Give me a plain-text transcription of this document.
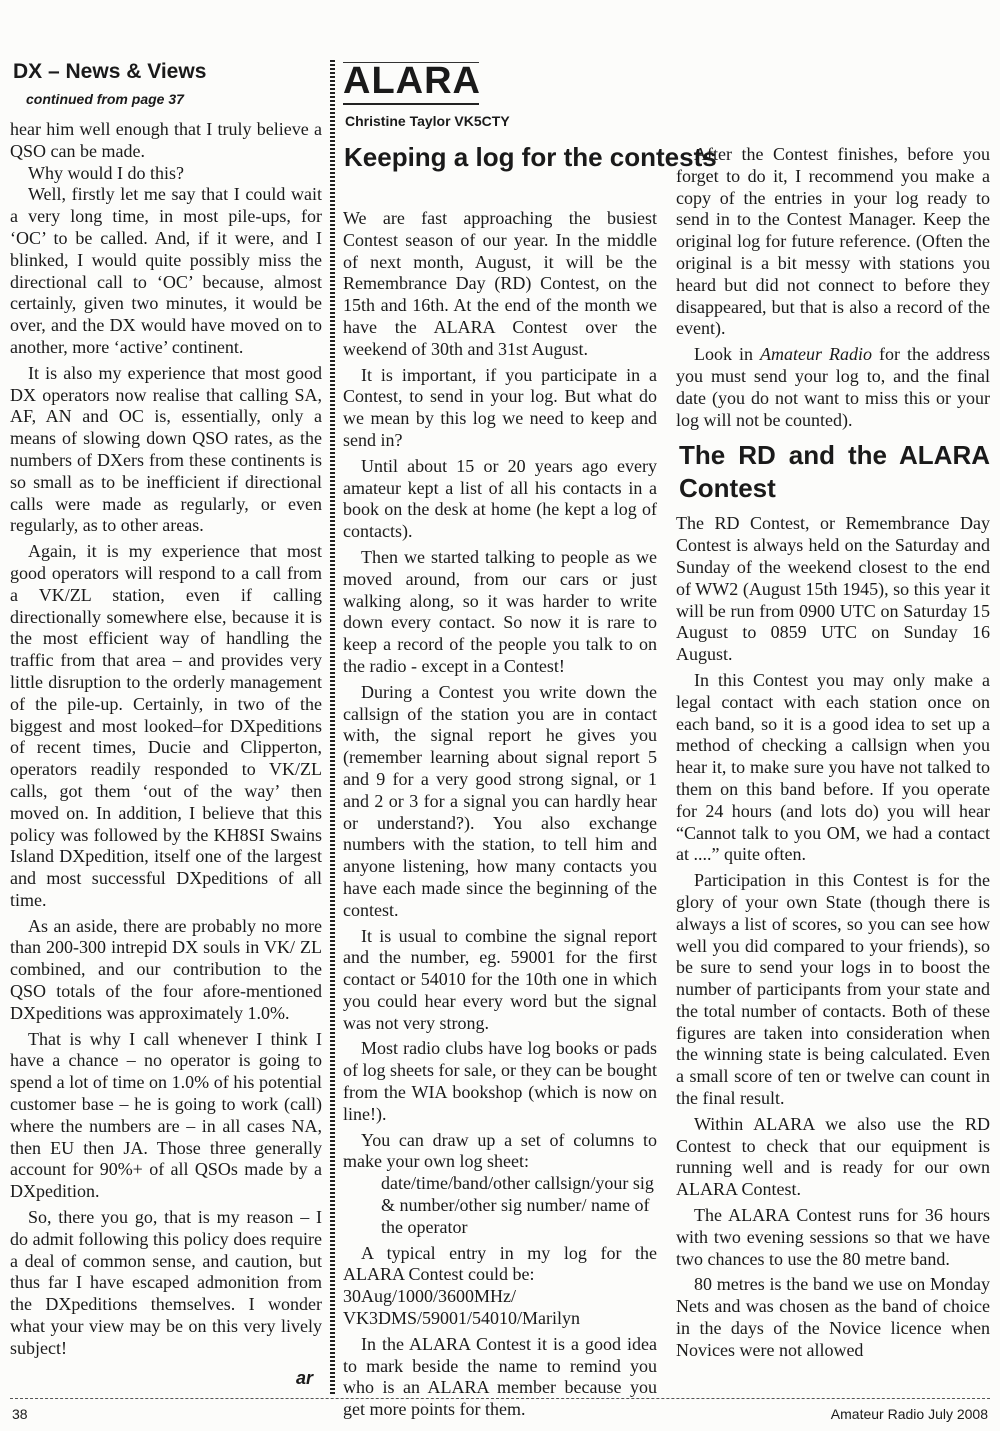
DX – News & Views

continued from page 37

hear him well enough that I truly believe a QSO can be made.

Why would I do this?

Well, firstly let me say that I could wait a very long time, in most pile-ups, for ‘OC’ to be called. And, if it were, and I blinked, I would quite possibly miss the directional call to ‘OC’ because, almost certainly, given two minutes, it would be over, and the DX would have moved on to another, more ‘active’ continent.

It is also my experience that most good DX operators now realise that calling SA, AF, AN and OC is, essentially, only a means of slowing down QSO rates, as the numbers of DXers from these continents is so small as to be inefficient if directional calls were made as regularly, or even regularly, as to other areas.

Again, it is my experience that most good operators will respond to a call from a VK/ZL station, even if calling directionally somewhere else, because it is the most efficient way of handling the traffic from that area – and provides very little disruption to the orderly management of the pile-up. Certainly, in two of the biggest and most looked–for DXpeditions of recent times, Ducie and Clipperton, operators readily responded to VK/ZL calls, got them ‘out of the way’ then moved on. In addition, I believe that this policy was followed by the KH8SI Swains Island DXpedition, itself one of the largest and most successful DXpeditions of all time.

As an aside, there are probably no more than 200-300 intrepid DX souls in VK/ ZL combined, and our contribution to the QSO totals of the four afore-mentioned DXpeditions was approximately 1.0%.

That is why I call whenever I think I have a chance – no operator is going to spend a lot of time on 1.0% of his potential customer base – he is going to work (call) where the numbers are – in all cases NA, then EU then JA. Those three generally account for 90%+ of all QSOs made by a DXpedition.

So, there you go, that is my reason – I do admit following this policy does require a deal of common sense, and caution, but thus far I have escaped admonition from the DXpeditions themselves. I wonder what your view may be on this very lively subject!

ar
ALARA

Christine Taylor VK5CTY

Keeping a log for the contests

We are fast approaching the busiest Contest season of our year. In the middle of next month, August, it will be the Remembrance Day (RD) Contest, on the 15th and 16th. At the end of the month we have the ALARA Contest over the weekend of 30th and 31st August.

It is important, if you participate in a Contest, to send in your log. But what do we mean by this log we need to keep and send in?

Until about 15 or 20 years ago every amateur kept a list of all his contacts in a book on the desk at home (he kept a log of contacts).

Then we started talking to people as we moved around, from our cars or just walking along, so it was harder to write down every contact. So now it is rare to keep a record of the people you talk to on the radio - except in a Contest!

During a Contest you write down the callsign of the station you are in contact with, the signal report he gives you (remember learning about signal report 5 and 9 for a very good strong signal, or 1 and 2 or 3 for a signal you can hardly hear or understand?). You also exchange numbers with the station, to tell him and anyone listening, how many contacts you have each made since the beginning of the contest.

It is usual to combine the signal report and the number, eg. 59001 for the first contact or 54010 for the 10th one in which you could hear every word but the signal was not very strong.

Most radio clubs have log books or pads of log sheets for sale, or they can be bought from the WIA bookshop (which is now on line!).

You can draw up a set of columns to make your own log sheet:

date/time/band/other callsign/your sig & number/other sig number/ name of the operator

A typical entry in my log for the ALARA Contest could be:

30Aug/1000/3600MHz/

VK3DMS/59001/54010/Marilyn

In the ALARA Contest it is a good idea to mark beside the name to remind you who is an ALARA member because you get more points for them.

After the Contest finishes, before you forget to do it, I recommend you make a copy of the entries in your log ready to send in to the Contest Manager. Keep the original log for future reference. (Often the original is a bit messy with stations you heard but did not connect to before they disappeared, but that is also a record of the event).

Look in Amateur Radio for the address you must send your log to, and the final date (you do not want to miss this or your log will not be counted).

The RD and the ALARA Contest

The RD Contest, or Remembrance Day Contest is always held on the Saturday and Sunday of the weekend closest to the end of WW2 (August 15th 1945), so this year it will be run from 0900 UTC on Saturday 15 August to 0859 UTC on Sunday 16 August.

In this Contest you may only make a legal contact with each station once on each band, so it is a good idea to set up a method of checking a callsign when you hear it, to make sure you have not talked to them on this band before. If you operate for 24 hours (and lots do) you will hear “Cannot talk to you OM, we had a contact at ....” quite often.

Participation in this Contest is for the glory of your own State (though there is always a list of scores, so you can see how well you did compared to your friends), so be sure to send your logs in to boost the number of participants from your state and the total number of contacts. Both of these figures are taken into consideration when the winning state is being calculated. Even a small score of ten or twelve can count in the final result.

Within ALARA we also use the RD Contest to check that our equipment is running well and is ready for our own ALARA Contest.

The ALARA Contest runs for 36 hours with two evening sessions so that we have two chances to use the 80 metre band.

80 metres is the band we use on Monday Nets and was chosen as the band of choice in the days of the Novice licence when Novices were not allowed

38	Amateur Radio July 2008
